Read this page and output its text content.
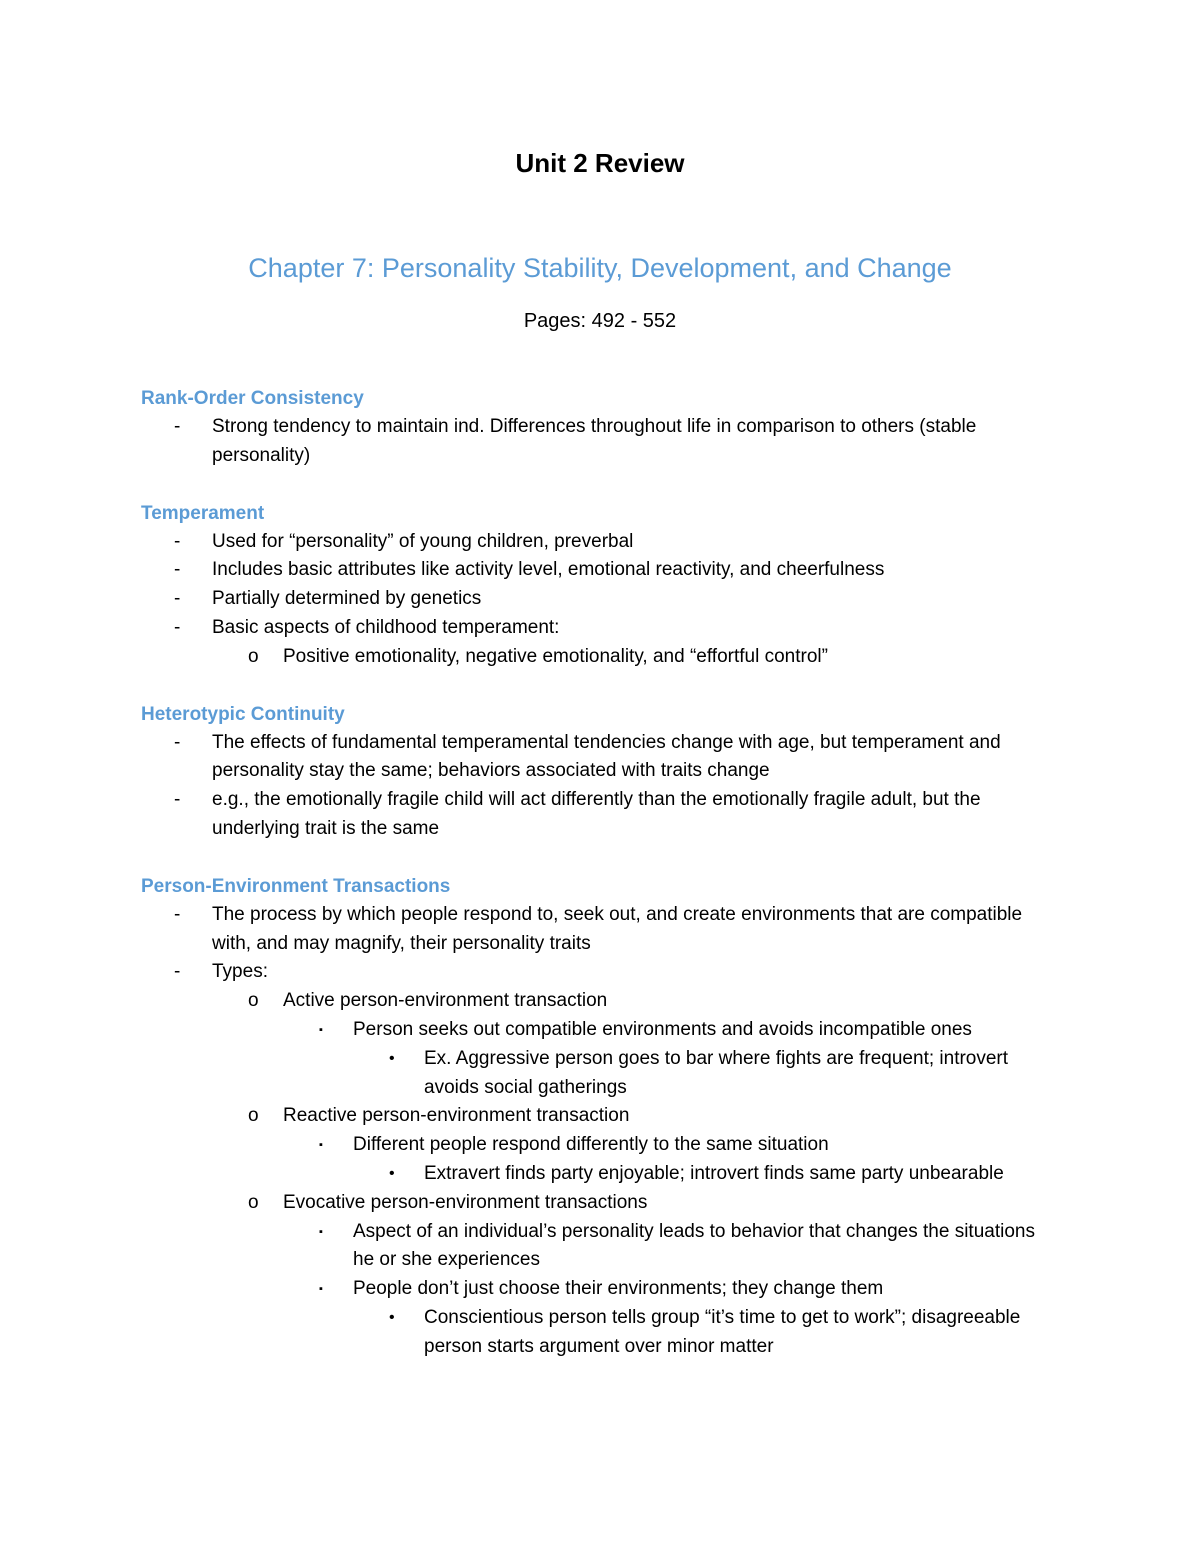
Unit 2 Review
Chapter 7: Personality Stability, Development, and Change
Pages: 492 - 552
Rank-Order Consistency
- Strong tendency to maintain ind. Differences throughout life in comparison to others (stable personality)
Temperament
- Used for “personality” of young children, preverbal
- Includes basic attributes like activity level, emotional reactivity, and cheerfulness
- Partially determined by genetics
- Basic aspects of childhood temperament:
o Positive emotionality, negative emotionality, and “effortful control”
Heterotypic Continuity
- The effects of fundamental temperamental tendencies change with age, but temperament and personality stay the same; behaviors associated with traits change
- e.g., the emotionally fragile child will act differently than the emotionally fragile adult, but the underlying trait is the same
Person-Environment Transactions
- The process by which people respond to, seek out, and create environments that are compatible with, and may magnify, their personality traits
- Types:
o Active person-environment transaction
▪ Person seeks out compatible environments and avoids incompatible ones
• Ex. Aggressive person goes to bar where fights are frequent; introvert avoids social gatherings
o Reactive person-environment transaction
▪ Different people respond differently to the same situation
• Extravert finds party enjoyable; introvert finds same party unbearable
o Evocative person-environment transactions
▪ Aspect of an individual’s personality leads to behavior that changes the situations he or she experiences
▪ People don’t just choose their environments; they change them
• Conscientious person tells group “it’s time to get to work”; disagreeable person starts argument over minor matter
